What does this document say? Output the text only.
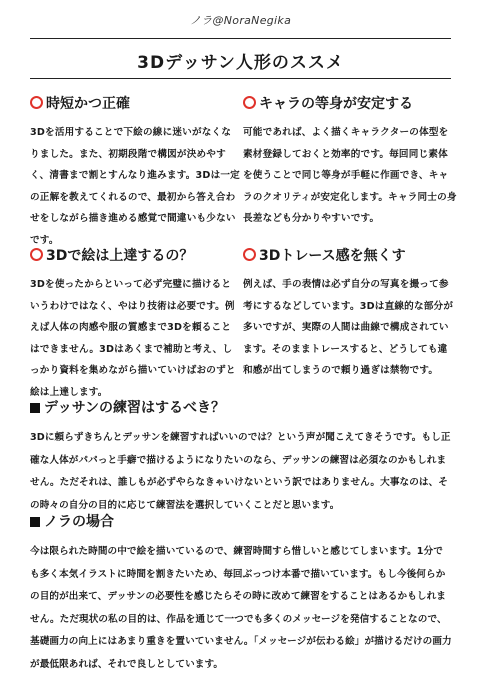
ノラ@NoraNegika
3Dデッサン人形のススメ
時短かつ正確

3Dを活用することで下絵の線に迷いがなくなりました。また、初期段階で構図が決めやすく、清書まで割とすんなり進みます。3Dは一定の正解を教えてくれるので、最初から答え合わせをしながら描き進める感覚で間違いも少ないです。

キャラの等身が安定する

可能であれば、よく描くキャラクターの体型を素材登録しておくと効率的です。毎回同じ素体を使うことで同じ等身が手軽に作画でき、キャラのクオリティが安定化します。キャラ同士の身長差なども分かりやすいです。

3Dで絵は上達するの？

3Dを使ったからといって必ず完璧に描けるというわけではなく、やはり技術は必要です。例えば人体の肉感や服の質感まで3Dを頼ることはできません。3Dはあくまで補助と考え、しっかり資料を集めながら描いていけばおのずと絵は上達します。

3Dトレース感を無くす

例えば、手の表情は必ず自分の写真を撮って参考にするなどしています。3Dは直線的な部分が多いですが、実際の人間は曲線で構成されています。そのままトレースすると、どうしても違和感が出てしまうので頼り過ぎは禁物です。

デッサンの練習はするべき？

3Dに頼らずきちんとデッサンを練習すればいいのでは？という声が聞こえてきそうです。もし正確な人体がパパっと手癖で描けるようになりたいのなら、デッサンの練習は必須なのかもしれません。ただそれは、誰しもが必ずやらなきゃいけないという訳ではありません。大事なのは、その時々の自分の目的に応じて練習法を選択していくことだと思います。

ノラの場合

今は限られた時間の中で絵を描いているので、練習時間すら惜しいと感じてしまいます。1分でも多く本気イラストに時間を割きたいため、毎回ぶっつけ本番で描いています。もし今後何らかの目的が出来て、デッサンの必要性を感じたらその時に改めて練習をすることはあるかもしれません。ただ現状の私の目的は、作品を通じて一つでも多くのメッセージを発信することなので、基礎画力の向上にはあまり重きを置いていません。「メッセージが伝わる絵」が描けるだけの画力が最低限あれば、それで良しとしています。
